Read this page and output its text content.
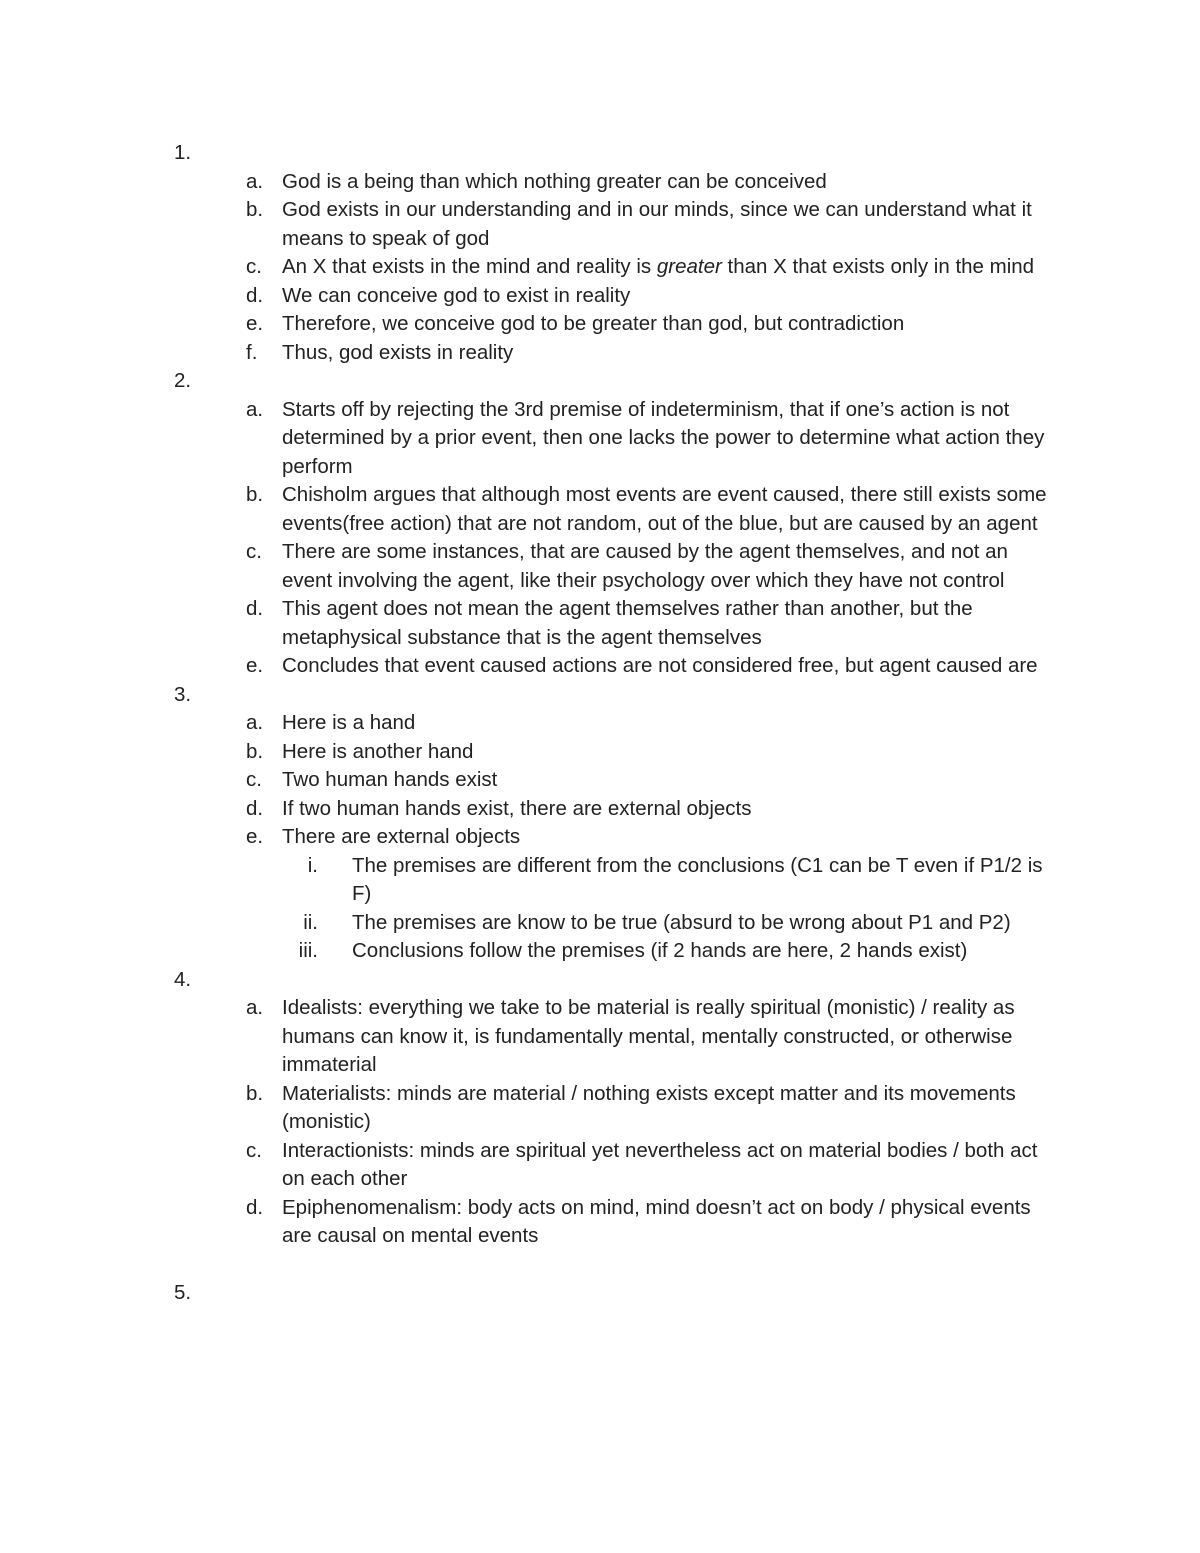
1.
a. God is a being than which nothing greater can be conceived
b. God exists in our understanding and in our minds, since we can understand what it means to speak of god
c. An X that exists in the mind and reality is greater than X that exists only in the mind
d. We can conceive god to exist in reality
e. Therefore, we conceive god to be greater than god, but contradiction
f. Thus, god exists in reality
2.
a. Starts off by rejecting the 3rd premise of indeterminism, that if one’s action is not determined by a prior event, then one lacks the power to determine what action they perform
b. Chisholm argues that although most events are event caused, there still exists some events(free action) that are not random, out of the blue, but are caused by an agent
c. There are some instances, that are caused by the agent themselves, and not an event involving the agent, like their psychology over which they have not control
d. This agent does not mean the agent themselves rather than another, but the metaphysical substance that is the agent themselves
e. Concludes that event caused actions are not considered free, but agent caused are
3.
a. Here is a hand
b. Here is another hand
c. Two human hands exist
d. If two human hands exist, there are external objects
e. There are external objects
i. The premises are different from the conclusions (C1 can be T even if P1/2 is F)
ii. The premises are know to be true (absurd to be wrong about P1 and P2)
iii. Conclusions follow the premises (if 2 hands are here, 2 hands exist)
4.
a. Idealists: everything we take to be material is really spiritual (monistic) / reality as humans can know it, is fundamentally mental, mentally constructed, or otherwise immaterial
b. Materialists: minds are material / nothing exists except matter and its movements (monistic)
c. Interactionists: minds are spiritual yet nevertheless act on material bodies / both act on each other
d. Epiphenomenalism: body acts on mind, mind doesn’t act on body / physical events are causal on mental events
5.
